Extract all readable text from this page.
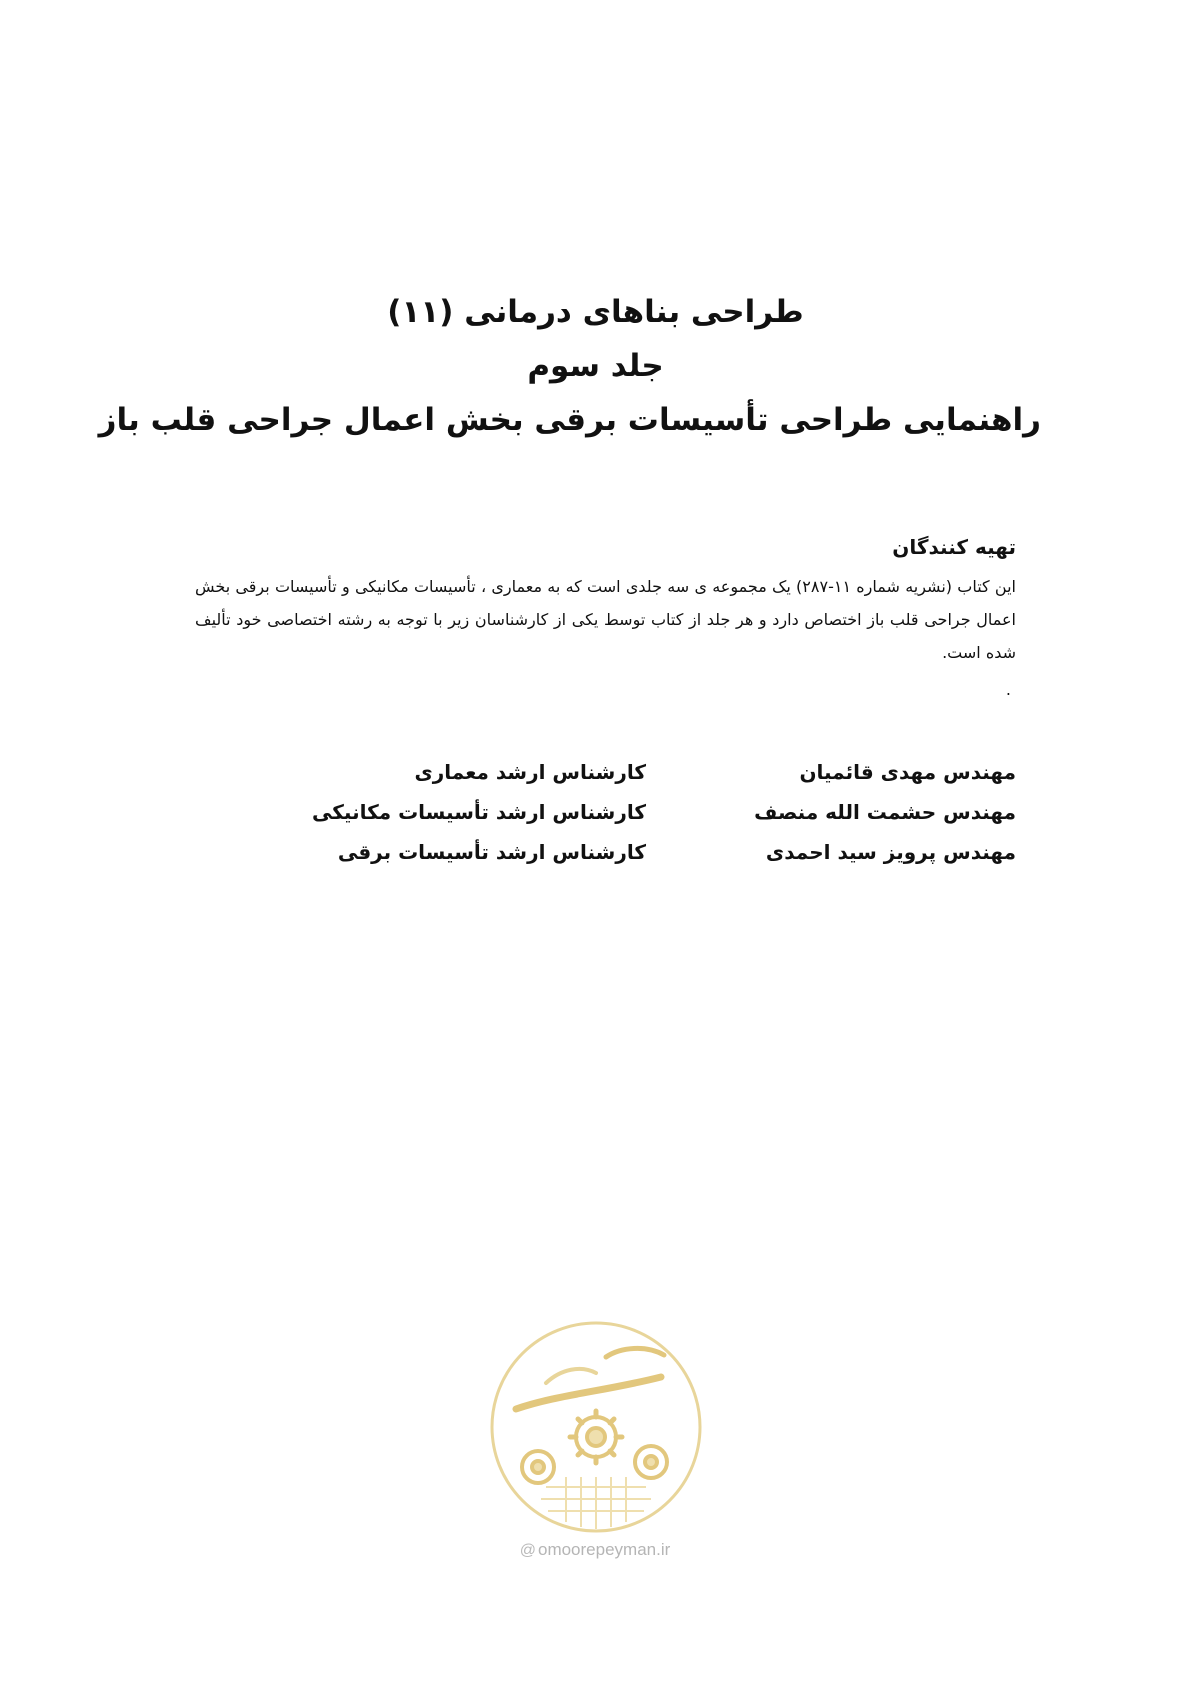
طراحی بناهای درمانی (۱۱)
جلد سوم
راهنمایی طراحی تأسیسات برقی بخش اعمال جراحی قلب باز
تهیه کنندگان
این کتاب (نشریه شماره ۱۱-۲۸۷) یک مجموعه ی سه جلدی است که به معماری ، تأسیسات مکانیکی و تأسیسات برقی بخش اعمال جراحی قلب باز اختصاص دارد و هر جلد از کتاب توسط یکی از کارشناسان زیر با توجه به رشته اختصاصی خود تألیف شده است.
.
مهندس مهدی قائمیان
مهندس حشمت الله منصف
مهندس پرویز سید احمدی
کارشناس ارشد معماری
کارشناس ارشد تأسیسات مکانیکی
کارشناس ارشد تأسیسات برقی
@ omoorepeyman.ir
